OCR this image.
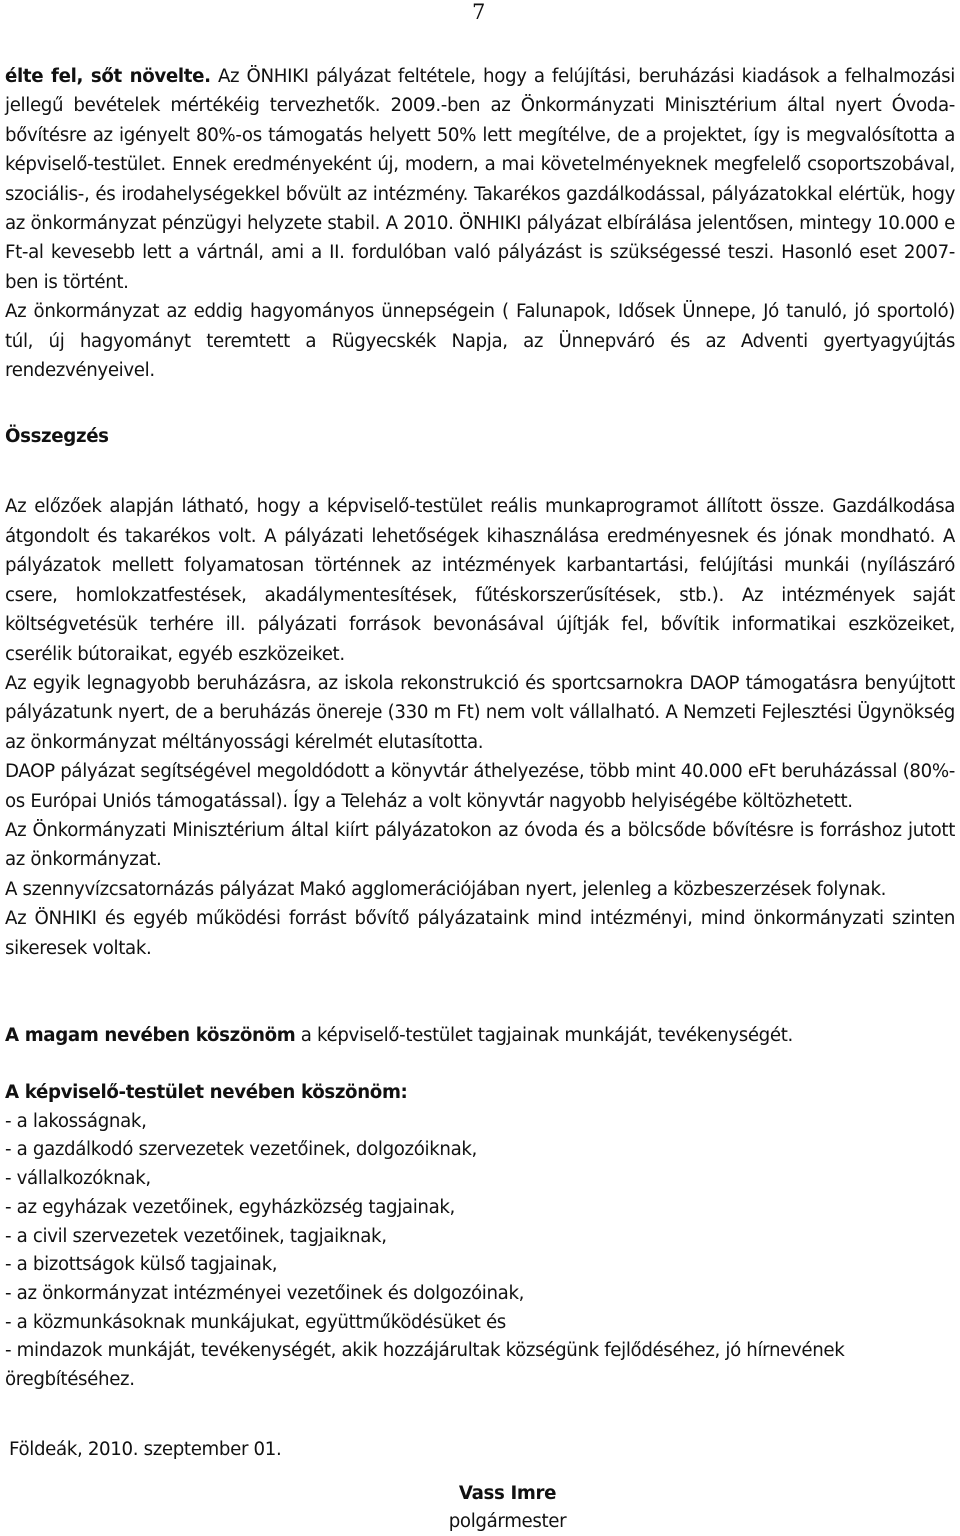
7

élte fel, sőt növelte. Az ÖNHIKI pályázat feltétele, hogy a felújítási, beruházási kiadások a felhalmozási jellegű bevételek mértékéig tervezhetők. 2009.-ben az Önkormányzati Minisztérium által nyert Óvoda-bővítésre az igényelt 80%-os támogatás helyett 50% lett megítélve, de a projektet, így is megvalósította a képviselő-testület. Ennek eredményeként új, modern, a mai követelményeknek megfelelő csoportszobával, szociális-, és irodahelységekkel bővült az intézmény. Takarékos gazdálkodással, pályázatokkal elértük, hogy az önkormányzat pénzügyi helyzete stabil. A 2010. ÖNHIKI pályázat elbírálása jelentősen, mintegy 10.000 e Ft-al kevesebb lett a vártnál, ami a II. fordulóban való pályázást is szükségessé teszi. Hasonló eset 2007-ben is történt.

Az önkormányzat az eddig hagyományos ünnepségein ( Falunapok, Idősek Ünnepe, Jó tanuló, jó sportoló) túl, új hagyományt teremtett a Rügyecskék Napja, az Ünnepváró és az Adventi gyertyagyújtás rendezvényeivel.

Összegzés

Az előzőek alapján látható, hogy a képviselő-testület reális munkaprogramot állított össze. Gazdálkodása átgondolt és takarékos volt. A pályázati lehetőségek kihasználása eredményesnek és jónak mondható. A pályázatok mellett folyamatosan történnek az intézmények karbantartási, felújítási munkái (nyílászáró csere, homlokzatfestések, akadálymentesítések, fűtéskorszerűsítések, stb.). Az intézmények saját költségvetésük terhére ill. pályázati források bevonásával újítják fel, bővítik informatikai eszközeiket, cserélik bútoraikat, egyéb eszközeiket.

Az egyik legnagyobb beruházásra, az iskola rekonstrukció és sportcsarnokra DAOP támogatásra benyújtott pályázatunk nyert, de a beruházás önereje (330 m Ft) nem volt vállalható. A Nemzeti Fejlesztési Ügynökség az önkormányzat méltányossági kérelmét elutasította.

DAOP pályázat segítségével megoldódott a könyvtár áthelyezése, több mint 40.000 eFt beruházással (80%-os Európai Uniós támogatással). Így a Teleház a volt könyvtár nagyobb helyiségébe költözhetett.

Az Önkormányzati Minisztérium által kiírt pályázatokon az óvoda és a bölcsőde bővítésre is forráshoz jutott az önkormányzat.

A szennyvízcsatornázás pályázat Makó agglomerációjában nyert, jelenleg a közbeszerzések folynak.

Az ÖNHIKI és egyéb működési forrást bővítő pályázataink mind intézményi, mind önkormányzati szinten sikeresek voltak.

A magam nevében köszönöm a képviselő-testület tagjainak munkáját, tevékenységét.

A képviselő-testület nevében köszönöm:

- a lakosságnak,
- a gazdálkodó szervezetek vezetőinek, dolgozóiknak,
- vállalkozóknak,
- az egyházak vezetőinek, egyházközség tagjainak,
- a civil szervezetek vezetőinek, tagjaiknak,
- a bizottságok külső tagjainak,
- az önkormányzat intézményei vezetőinek és dolgozóinak,
- a közmunkásoknak munkájukat, együttműködésüket és
- mindazok munkáját, tevékenységét, akik hozzájárultak községünk fejlődéséhez, jó hírnevének öregbítéséhez.
Földeák, 2010. szeptember 01.
Vass Imre
polgármester
